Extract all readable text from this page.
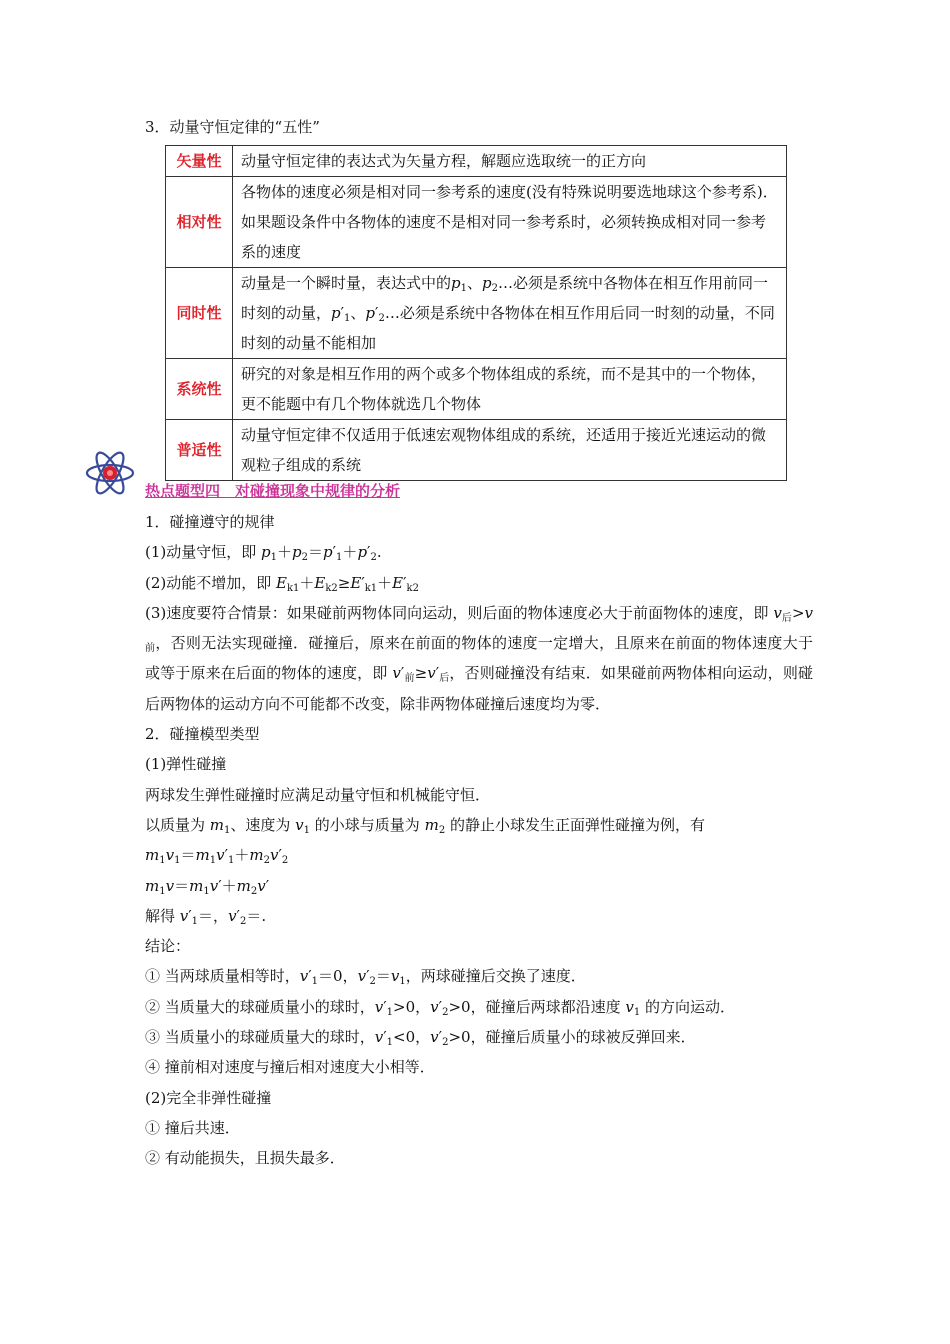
3．动量守恒定律的“五性”
矢量性	动量守恒定律的表达式为矢量方程，解题应选取统一的正方向
相对性	各物体的速度必须是相对同一参考系的速度(没有特殊说明要选地球这个参考系)．如果题设条件中各物体的速度不是相对同一参考系时，必须转换成相对同一参考系的速度
同时性	动量是一个瞬时量，表达式中的$p_1$、$p_2\dots$必须是系统中各物体在相互作用前同一时刻的动量，$p'_1$、$p'_2\dots$必须是系统中各物体在相互作用后同一时刻的动量，不同时刻的动量不能相加
系统性	研究的对象是相互作用的两个或多个物体组成的系统，而不是其中的一个物体，更不能题中有几个物体就选几个物体
普适性	动量守恒定律不仅适用于低速宏观物体组成的系统，还适用于接近光速运动的微观粒子组成的系统
热点题型四　对碰撞现象中规律的分析

1．碰撞遵守的规律

(1)动量守恒，即 $p_1+p_2=p'_1+p'_2$.

(2)动能不增加，即 $E_{k1}+E_{k2}\ge E'_{k1}+E'_{k2}$

(3)速度要符合情景：如果碰前两物体同向运动，则后面的物体速度必大于前面物体的速度，即 $v_后>v_前$，否则无法实现碰撞．碰撞后，原来在前面的物体的速度一定增大，且原来在前面的物体速度大于或等于原来在后面的物体的速度，即 $v'_前\ge v'_后$，否则碰撞没有结束．如果碰前两物体相向运动，则碰后两物体的运动方向不可能都不改变，除非两物体碰撞后速度均为零．

2．碰撞模型类型

(1)弹性碰撞

两球发生弹性碰撞时应满足动量守恒和机械能守恒．

以质量为 $m_1$、速度为 $v_1$ 的小球与质量为 $m_2$ 的静止小球发生正面弹性碰撞为例，有

$m_1v_1=m_1v'_1+m_2v'_2$

$m_1v=m_1v'+m_2v'$

解得 $v'_1=$，$v'_2=$.

结论：

① 当两球质量相等时，$v'_1=0$，$v'_2=v_1$，两球碰撞后交换了速度．

② 当质量大的球碰质量小的球时，$v'_1>0$，$v'_2>0$，碰撞后两球都沿速度 $v_1$ 的方向运动．

③ 当质量小的球碰质量大的球时，$v'_1<0$，$v'_2>0$，碰撞后质量小的球被反弹回来．

④ 撞前相对速度与撞后相对速度大小相等．

(2)完全非弹性碰撞

① 撞后共速．

② 有动能损失，且损失最多．
